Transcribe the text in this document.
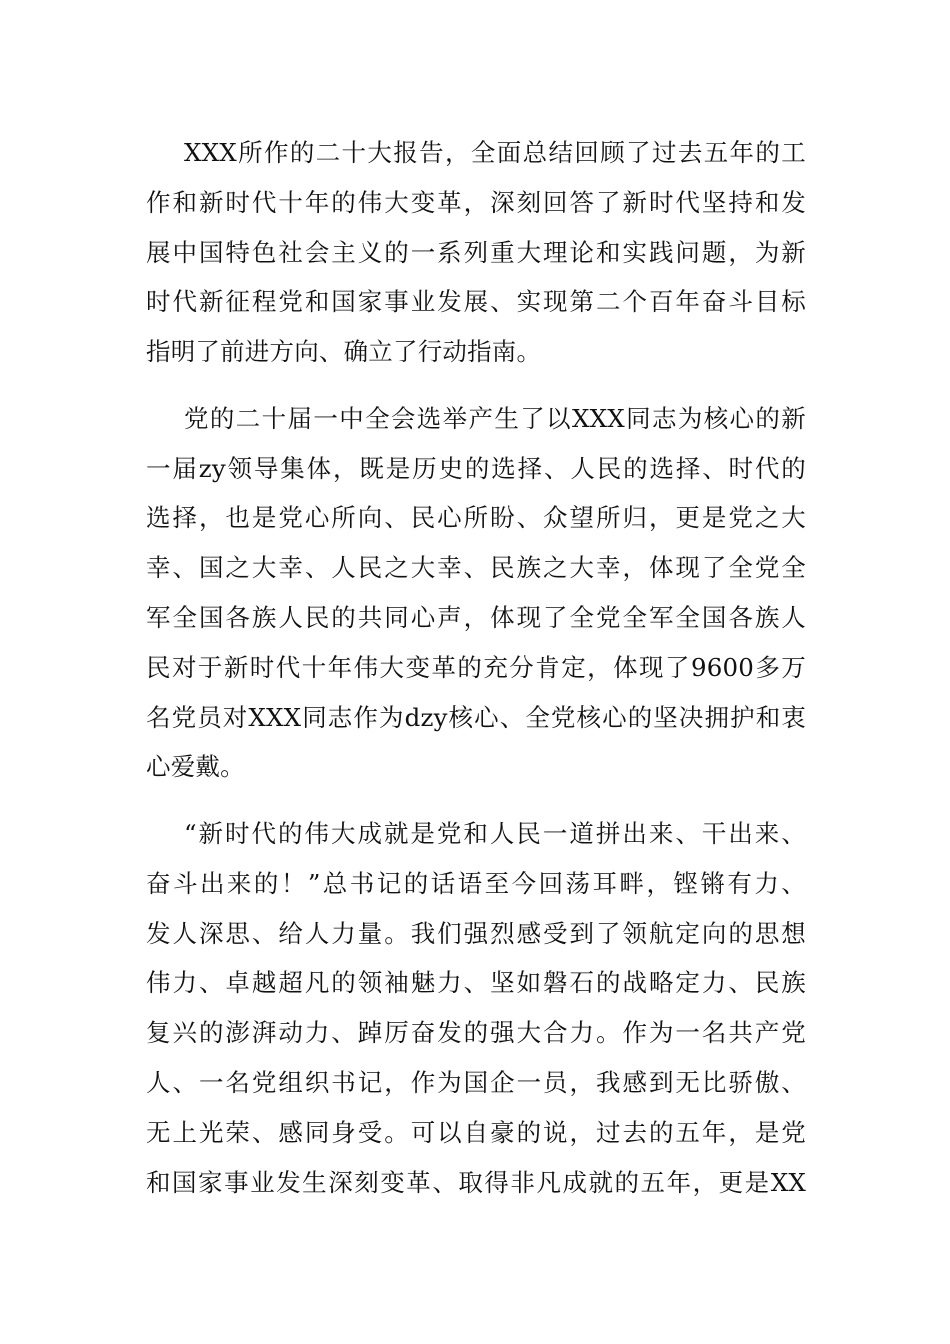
XXX所作的二十大报告，全面总结回顾了过去五年的工
作和新时代十年的伟大变革，深刻回答了新时代坚持和发
展中国特色社会主义的一系列重大理论和实践问题，为新
时代新征程党和国家事业发展、实现第二个百年奋斗目标
指明了前进方向、确立了行动指南。
党的二十届一中全会选举产生了以XXX同志为核心的新
一届zy领导集体，既是历史的选择、人民的选择、时代的
选择，也是党心所向、民心所盼、众望所归，更是党之大
幸、国之大幸、人民之大幸、民族之大幸，体现了全党全
军全国各族人民的共同心声，体现了全党全军全国各族人
民对于新时代十年伟大变革的充分肯定，体现了9600多万
名党员对XXX同志作为dzy核心、全党核心的坚决拥护和衷
心爱戴。
“新时代的伟大成就是党和人民一道拼出来、干出来、
奋斗出来的！”总书记的话语至今回荡耳畔，铿锵有力、
发人深思、给人力量。我们强烈感受到了领航定向的思想
伟力、卓越超凡的领袖魅力、坚如磐石的战略定力、民族
复兴的澎湃动力、踔厉奋发的强大合力。作为一名共产党
人、一名党组织书记，作为国企一员，我感到无比骄傲、
无上光荣、感同身受。可以自豪的说，过去的五年，是党
和国家事业发生深刻变革、取得非凡成就的五年，更是XX
